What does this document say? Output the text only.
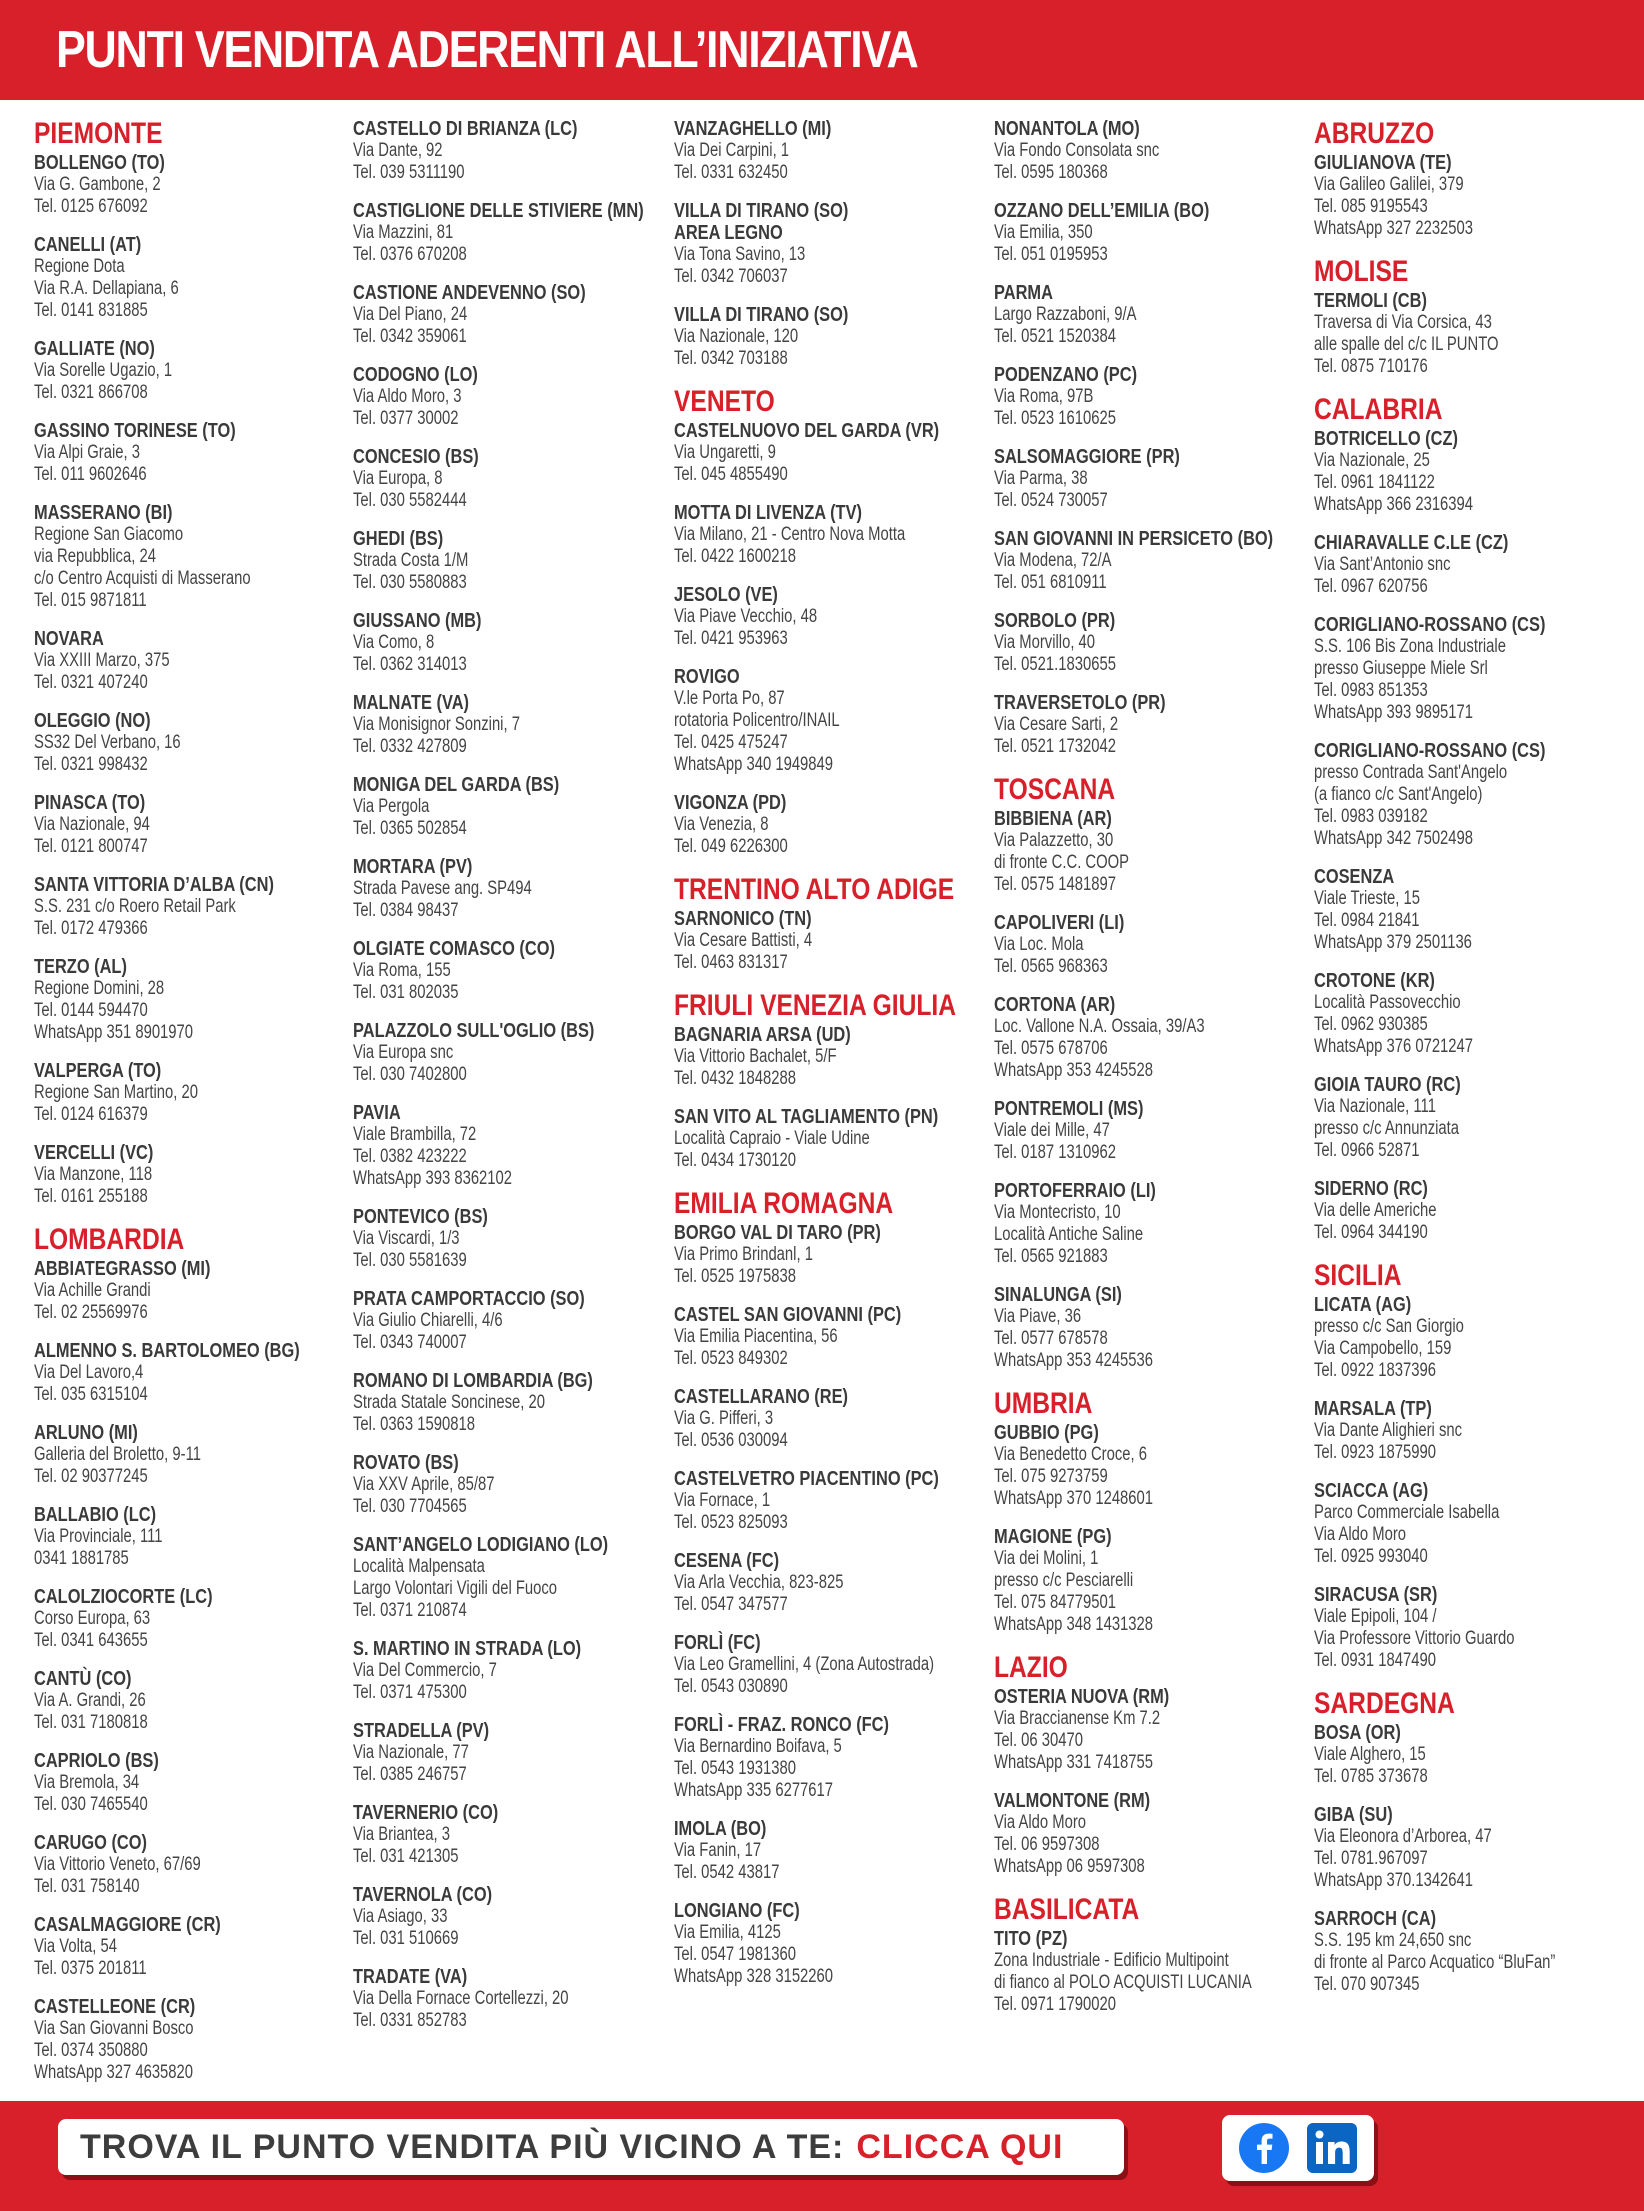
PUNTI VENDITA ADERENTI ALL’INIZIATIVA
PIEMONTE
BOLLENGO (TO)
Via G. Gambone, 2
Tel. 0125 676092
CANELLI (AT)
Regione Dota
Via R.A. Dellapiana, 6
Tel. 0141 831885
GALLIATE (NO)
Via Sorelle Ugazio, 1
Tel. 0321 866708
GASSINO TORINESE (TO)
Via Alpi Graie, 3
Tel. 011 9602646
MASSERANO (BI)
Regione San Giacomo
via Repubblica, 24
c/o Centro Acquisti di Masserano
Tel. 015 9871811
NOVARA
Via XXIII Marzo, 375
Tel. 0321 407240
OLEGGIO (NO)
SS32 Del Verbano, 16
Tel. 0321 998432
PINASCA (TO)
Via Nazionale, 94
Tel. 0121 800747
SANTA VITTORIA D’ALBA (CN)
S.S. 231 c/o Roero Retail Park
Tel. 0172 479366
TERZO (AL)
Regione Domini, 28
Tel. 0144 594470
WhatsApp 351 8901970
VALPERGA (TO)
Regione San Martino, 20
Tel. 0124 616379
VERCELLI (VC)
Via Manzone, 118
Tel. 0161 255188
LOMBARDIA
ABBIATEGRASSO (MI)
Via Achille Grandi
Tel. 02 25569976
ALMENNO S. BARTOLOMEO (BG)
Via Del Lavoro,4
Tel. 035 6315104
ARLUNO (MI)
Galleria del Broletto, 9-11
Tel. 02 90377245
BALLABIO (LC)
Via Provinciale, 111
0341 1881785
CALOLZIOCORTE (LC)
Corso Europa, 63
Tel. 0341 643655
CANTÙ (CO)
Via A. Grandi, 26
Tel. 031 7180818
CAPRIOLO (BS)
Via Bremola, 34
Tel. 030 7465540
CARUGO (CO)
Via Vittorio Veneto, 67/69
Tel. 031 758140
CASALMAGGIORE (CR)
Via Volta, 54
Tel. 0375 201811
CASTELLEONE (CR)
Via San Giovanni Bosco
Tel. 0374 350880
WhatsApp 327 4635820
CASTELLO DI BRIANZA (LC)
Via Dante, 92
Tel. 039 5311190
CASTIGLIONE DELLE STIVIERE (MN)
Via Mazzini, 81
Tel. 0376 670208
CASTIONE ANDEVENNO (SO)
Via Del Piano, 24
Tel. 0342 359061
CODOGNO (LO)
Via Aldo Moro, 3
Tel. 0377 30002
CONCESIO (BS)
Via Europa, 8
Tel. 030 5582444
GHEDI (BS)
Strada Costa 1/M
Tel. 030 5580883
GIUSSANO (MB)
Via Como, 8
Tel. 0362 314013
MALNATE (VA)
Via Monisignor Sonzini, 7
Tel. 0332 427809
MONIGA DEL GARDA (BS)
Via Pergola
Tel. 0365 502854
MORTARA (PV)
Strada Pavese ang. SP494
Tel. 0384 98437
OLGIATE COMASCO (CO)
Via Roma, 155
Tel. 031 802035
PALAZZOLO SULL'OGLIO (BS)
Via Europa snc
Tel. 030 7402800
PAVIA
Viale Brambilla, 72
Tel. 0382 423222
WhatsApp 393 8362102
PONTEVICO (BS)
Via Viscardi, 1/3
Tel. 030 5581639
PRATA CAMPORTACCIO (SO)
Via Giulio Chiarelli, 4/6
Tel. 0343 740007
ROMANO DI LOMBARDIA (BG)
Strada Statale Soncinese, 20
Tel. 0363 1590818
ROVATO (BS)
Via XXV Aprile, 85/87
Tel. 030 7704565
SANT’ANGELO LODIGIANO (LO)
Località Malpensata
Largo Volontari Vigili del Fuoco
Tel. 0371 210874
S. MARTINO IN STRADA (LO)
Via Del Commercio, 7
Tel. 0371 475300
STRADELLA (PV)
Via Nazionale, 77
Tel. 0385 246757
TAVERNERIO (CO)
Via Briantea, 3
Tel. 031 421305
TAVERNOLA (CO)
Via Asiago, 33
Tel. 031 510669
TRADATE (VA)
Via Della Fornace Cortellezzi, 20
Tel. 0331 852783
VANZAGHELLO (MI)
Via Dei Carpini, 1
Tel. 0331 632450
VILLA DI TIRANO (SO)
AREA LEGNO
Via Tona Savino, 13
Tel. 0342 706037
VILLA DI TIRANO (SO)
Via Nazionale, 120
Tel. 0342 703188
VENETO
CASTELNUOVO DEL GARDA (VR)
Via Ungaretti, 9
Tel. 045 4855490
MOTTA DI LIVENZA (TV)
Via Milano, 21 - Centro Nova Motta
Tel. 0422 1600218
JESOLO (VE)
Via Piave Vecchio, 48
Tel. 0421 953963
ROVIGO
V.le Porta Po, 87
rotatoria Policentro/INAIL
Tel. 0425 475247
WhatsApp 340 1949849
VIGONZA (PD)
Via Venezia, 8
Tel. 049 6226300
TRENTINO ALTO ADIGE
SARNONICO (TN)
Via Cesare Battisti, 4
Tel. 0463 831317
FRIULI VENEZIA GIULIA
BAGNARIA ARSA (UD)
Via Vittorio Bachalet, 5/F
Tel. 0432 1848288
SAN VITO AL TAGLIAMENTO (PN)
Località Capraio - Viale Udine
Tel. 0434 1730120
EMILIA ROMAGNA
BORGO VAL DI TARO (PR)
Via Primo Brindanl, 1
Tel. 0525 1975838
CASTEL SAN GIOVANNI (PC)
Via Emilia Piacentina, 56
Tel. 0523 849302
CASTELLARANO (RE)
Via G. Pifferi, 3
Tel. 0536 030094
CASTELVETRO PIACENTINO (PC)
Via Fornace, 1
Tel. 0523 825093
CESENA (FC)
Via Arla Vecchia, 823-825
Tel. 0547 347577
FORLÌ (FC)
Via Leo Gramellini, 4 (Zona Autostrada)
Tel. 0543 030890
FORLÌ - FRAZ. RONCO (FC)
Via Bernardino Boifava, 5
Tel. 0543 1931380
WhatsApp 335 6277617
IMOLA (BO)
Via Fanin, 17
Tel. 0542 43817
LONGIANO (FC)
Via Emilia, 4125
Tel. 0547 1981360
WhatsApp 328 3152260
NONANTOLA (MO)
Via Fondo Consolata snc
Tel. 0595 180368
OZZANO DELL’EMILIA (BO)
Via Emilia, 350
Tel. 051 0195953
PARMA
Largo Razzaboni, 9/A
Tel. 0521 1520384
PODENZANO (PC)
Via Roma, 97B
Tel. 0523 1610625
SALSOMAGGIORE (PR)
Via Parma, 38
Tel. 0524 730057
SAN GIOVANNI IN PERSICETO (BO)
Via Modena, 72/A
Tel. 051 6810911
SORBOLO (PR)
Via Morvillo, 40
Tel. 0521.1830655
TRAVERSETOLO (PR)
Via Cesare Sarti, 2
Tel. 0521 1732042
TOSCANA
BIBBIENA (AR)
Via Palazzetto, 30
di fronte C.C. COOP
Tel. 0575 1481897
CAPOLIVERI (LI)
Via Loc. Mola
Tel. 0565 968363
CORTONA (AR)
Loc. Vallone N.A. Ossaia, 39/A3
Tel. 0575 678706
WhatsApp 353 4245528
PONTREMOLI (MS)
Viale dei Mille, 47
Tel. 0187 1310962
PORTOFERRAIO (LI)
Via Montecristo, 10
Località Antiche Saline
Tel. 0565 921883
SINALUNGA (SI)
Via Piave, 36
Tel. 0577 678578
WhatsApp 353 4245536
UMBRIA
GUBBIO (PG)
Via Benedetto Croce, 6
Tel. 075 9273759
WhatsApp 370 1248601
MAGIONE (PG)
Via dei Molini, 1
presso c/c Pesciarelli
Tel. 075 84779501
WhatsApp 348 1431328
LAZIO
OSTERIA NUOVA (RM)
Via Braccianense Km 7.2
Tel. 06 30470
WhatsApp 331 7418755
VALMONTONE (RM)
Via Aldo Moro
Tel. 06 9597308
WhatsApp 06 9597308
BASILICATA
TITO (PZ)
Zona Industriale - Edificio Multipoint
di fianco al POLO ACQUISTI LUCANIA
Tel. 0971 1790020
ABRUZZO
GIULIANOVA (TE)
Via Galileo Galilei, 379
Tel. 085 9195543
WhatsApp 327 2232503
MOLISE
TERMOLI (CB)
Traversa di Via Corsica, 43
alle spalle del c/c IL PUNTO
Tel. 0875 710176
CALABRIA
BOTRICELLO (CZ)
Via Nazionale, 25
Tel. 0961 1841122
WhatsApp 366 2316394
CHIARAVALLE C.LE (CZ)
Via Sant’Antonio snc
Tel. 0967 620756
CORIGLIANO-ROSSANO (CS)
S.S. 106 Bis Zona Industriale
presso Giuseppe Miele Srl
Tel. 0983 851353
WhatsApp 393 9895171
CORIGLIANO-ROSSANO (CS)
presso Contrada Sant'Angelo
(a fianco c/c Sant'Angelo)
Tel. 0983 039182
WhatsApp 342 7502498
COSENZA
Viale Trieste, 15
Tel. 0984 21841
WhatsApp 379 2501136
CROTONE (KR)
Località Passovecchio
Tel. 0962 930385
WhatsApp 376 0721247
GIOIA TAURO (RC)
Via Nazionale, 111
presso c/c Annunziata
Tel. 0966 52871
SIDERNO (RC)
Via delle Americhe
Tel. 0964 344190
SICILIA
LICATA (AG)
presso c/c San Giorgio
Via Campobello, 159
Tel. 0922 1837396
MARSALA (TP)
Via Dante Alighieri snc
Tel. 0923 1875990
SCIACCA (AG)
Parco Commerciale Isabella
Via Aldo Moro
Tel. 0925 993040
SIRACUSA (SR)
Viale Epipoli, 104 /
Via Professore Vittorio Guardo
Tel. 0931 1847490
SARDEGNA
BOSA (OR)
Viale Alghero, 15
Tel. 0785 373678
GIBA (SU)
Via Eleonora d’Arborea, 47
Tel. 0781.967097
WhatsApp 370.1342641
SARROCH (CA)
S.S. 195 km 24,650 snc
di fronte al Parco Acquatico “BluFan”
Tel. 070 907345
TROVA IL PUNTO VENDITA PIÙ VICINO A TE: CLICCA QUI
